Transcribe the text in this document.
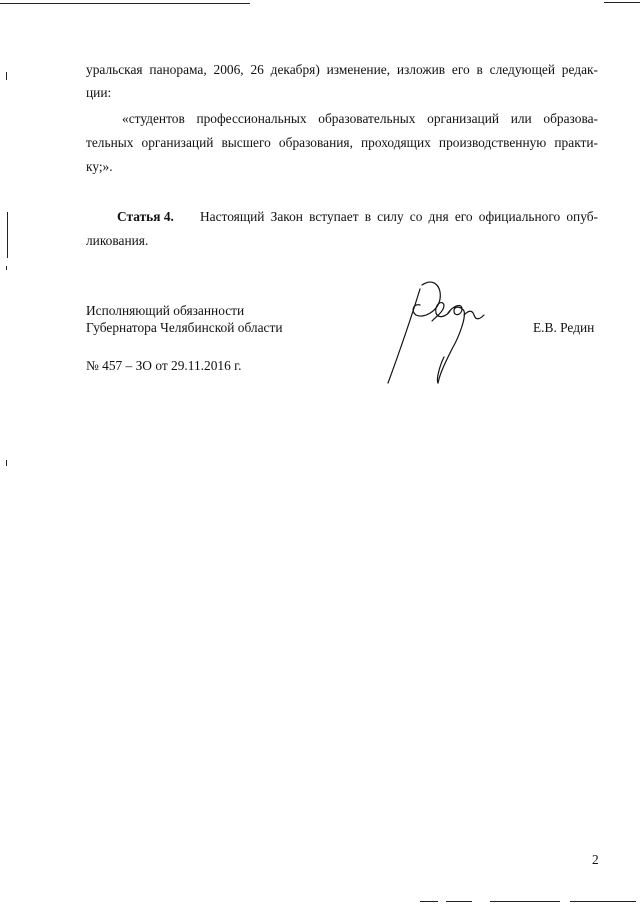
уральская панорама, 2006, 26 декабря) изменение, изложив его в следующей редак-
ции:
«студентов профессиональных образовательных организаций или образова-
тельных организаций высшего образования, проходящих производственную практи-
ку;».
Статья 4. Настоящий Закон вступает в силу со дня его официального опуб-
ликования.
Исполняющий обязанности
Губернатора Челябинской области	Е.В. Редин
№ 457 – ЗО от 29.11.2016 г.
2
